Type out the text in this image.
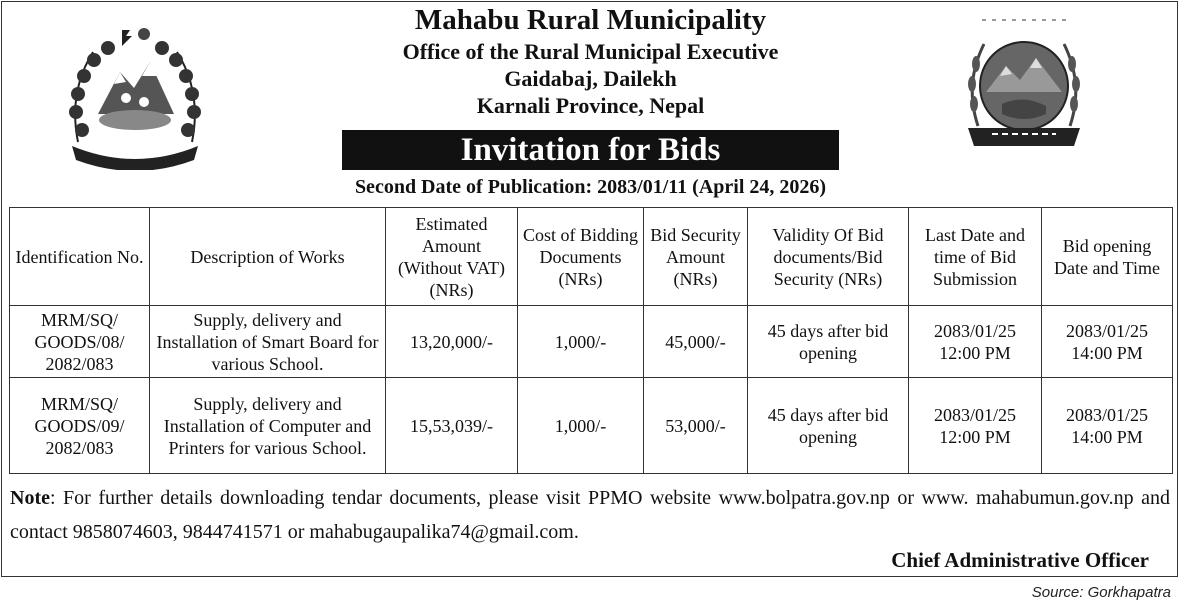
Mahabu Rural Municipality
Office of the Rural Municipal Executive
Gaidabaj, Dailekh
Karnali Province, Nepal
Invitation for Bids
Second Date of Publication: 2083/01/11 (April 24, 2026)
Identification No.	Description of Works	Estimated Amount (Without VAT) (NRs)	Cost of Bidding Documents (NRs)	Bid Security Amount (NRs)	Validity Of Bid documents/Bid Security (NRs)	Last Date and time of Bid Submission	Bid opening Date and Time
MRM/SQ/ GOODS/08/ 2082/083	Supply, delivery and Installation of Smart Board for various School.	13,20,000/-	1,000/-	45,000/-	45 days after bid opening	2083/01/25 12:00 PM	2083/01/25 14:00 PM
MRM/SQ/ GOODS/09/ 2082/083	Supply, delivery and Installation of Computer and Printers for various School.	15,53,039/-	1,000/-	53,000/-	45 days after bid opening	2083/01/25 12:00 PM	2083/01/25 14:00 PM
Note: For further details downloading tendar documents, please visit PPMO website www.bolpatra.gov.np or www. mahabumun.gov.np and contact 9858074603, 9844741571 or mahabugaupalika74@gmail.com.
Chief Administrative Officer
Source: Gorkhapatra
